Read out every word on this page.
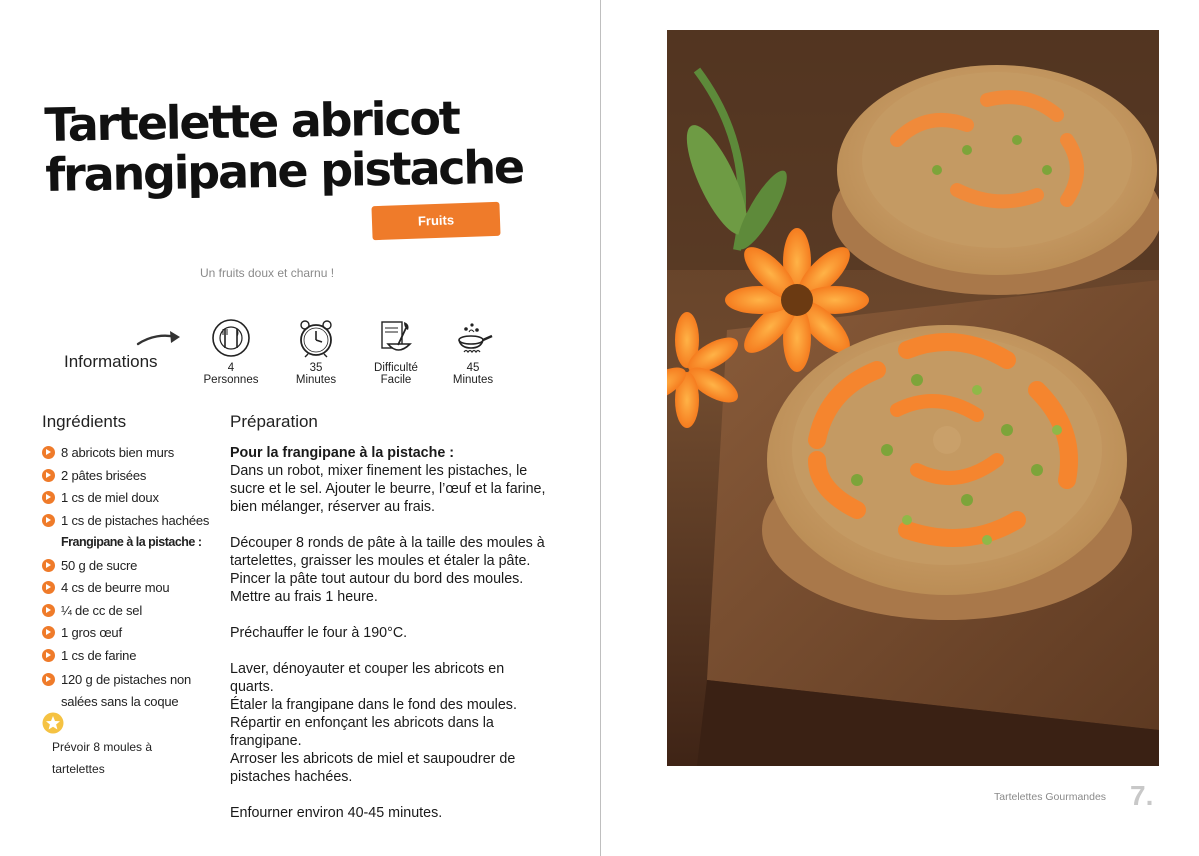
Tartelette abricot
frangipane pistache
Fruits
Un fruits doux et charnu !
Informations	4
Personnes
35
Minutes
Difficulté
Facile
45
Minutes
Ingrédients	Préparation
8 abricots bien murs
2 pâtes brisées
1 cs de miel doux
1 cs de pistaches hachées
Frangipane à la pistache :
50 g de sucre
4 cs de beurre mou
¼ de cc de sel
1 gros œuf
1 cs de farine
120 g de pistaches non salées sans la coque
Prévoir 8 moules à tartelettes

Pour la frangipane à la pistache :
Dans un robot, mixer finement les pistaches, le sucre et le sel. Ajouter le beurre, l’œuf et la farine, bien mélanger, réserver au frais.

Découper 8 ronds de pâte à la taille des moules à tartelettes, graisser les moules et étaler la pâte. Pincer la pâte tout autour du bord des moules. Mettre au frais 1 heure.

Préchauffer le four à 190°C.

Laver, dénoyauter et couper les abricots en quarts.

Étaler la frangipane dans le fond des moules. Répartir en enfonçant les abricots dans la frangipane.

Arroser les abricots de miel et saupoudrer de pistaches hachées.

Enfourner environ 40-45 minutes.

Tartelettes Gourmandes 7.
